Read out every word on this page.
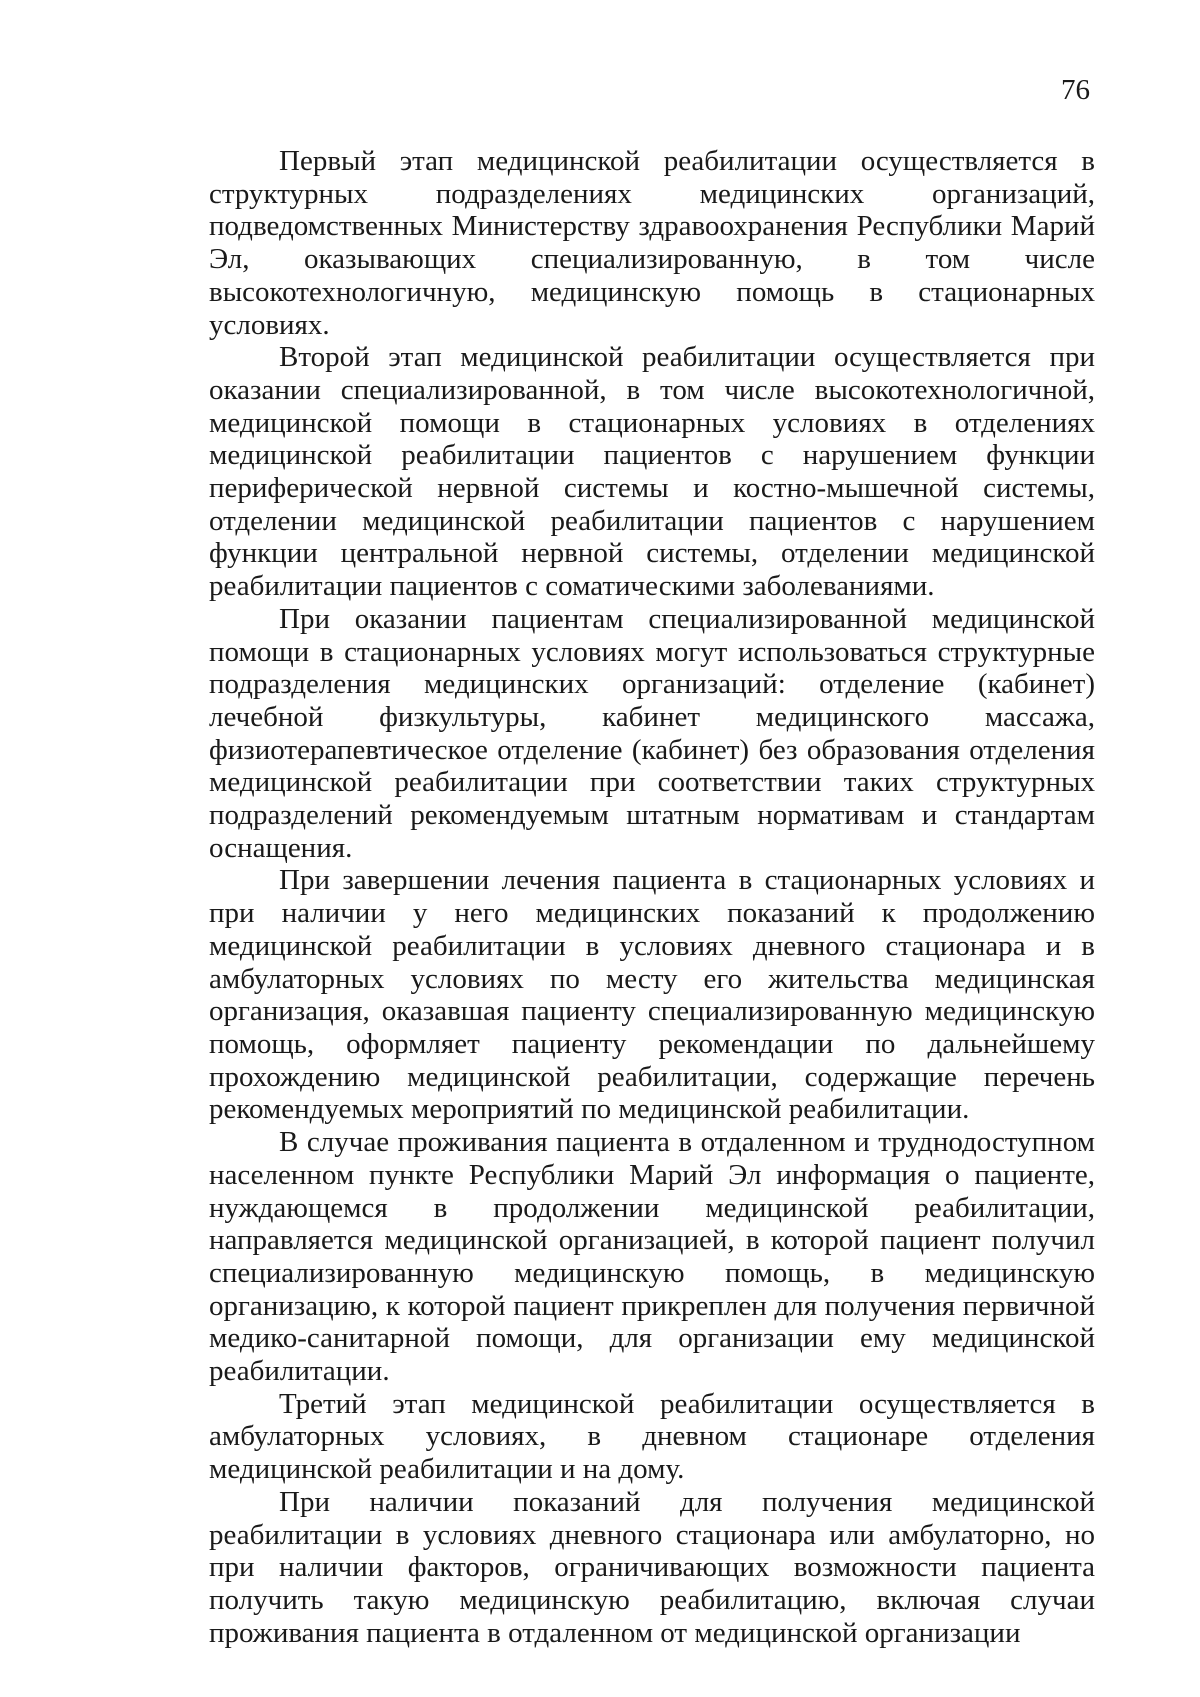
76

Первый этап медицинской реабилитации осуществляется в структурных подразделениях медицинских организаций, подведомственных Министерству здравоохранения Республики Марий Эл, оказывающих специализированную, в том числе высокотехнологичную, медицинскую помощь в стационарных условиях.

Второй этап медицинской реабилитации осуществляется при оказании специализированной, в том числе высокотехнологичной, медицинской помощи в стационарных условиях в отделениях медицинской реабилитации пациентов с нарушением функции периферической нервной системы и костно-мышечной системы, отделении медицинской реабилитации пациентов с нарушением функции центральной нервной системы, отделении медицинской реабилитации пациентов с соматическими заболеваниями.

При оказании пациентам специализированной медицинской помощи в стационарных условиях могут использоваться структурные подразделения медицинских организаций: отделение (кабинет) лечебной физкультуры, кабинет медицинского массажа, физиотерапевтическое отделение (кабинет) без образования отделения медицинской реабилитации при соответствии таких структурных подразделений рекомендуемым штатным нормативам и стандартам оснащения.

При завершении лечения пациента в стационарных условиях и при наличии у него медицинских показаний к продолжению медицинской реабилитации в условиях дневного стационара и в амбулаторных условиях по месту его жительства медицинская организация, оказавшая пациенту специализированную медицинскую помощь, оформляет пациенту рекомендации по дальнейшему прохождению медицинской реабилитации, содержащие перечень рекомендуемых мероприятий по медицинской реабилитации.

В случае проживания пациента в отдаленном и труднодоступном населенном пункте Республики Марий Эл информация о пациенте, нуждающемся в продолжении медицинской реабилитации, направляется медицинской организацией, в которой пациент получил специализированную медицинскую помощь, в медицинскую организацию, к которой пациент прикреплен для получения первичной медико-санитарной помощи, для организации ему медицинской реабилитации.

Третий этап медицинской реабилитации осуществляется в амбулаторных условиях, в дневном стационаре отделения медицинской реабилитации и на дому.

При наличии показаний для получения медицинской реабилитации в условиях дневного стационара или амбулаторно, но при наличии факторов, ограничивающих возможности пациента получить такую медицинскую реабилитацию, включая случаи проживания пациента в отдаленном от медицинской организации
